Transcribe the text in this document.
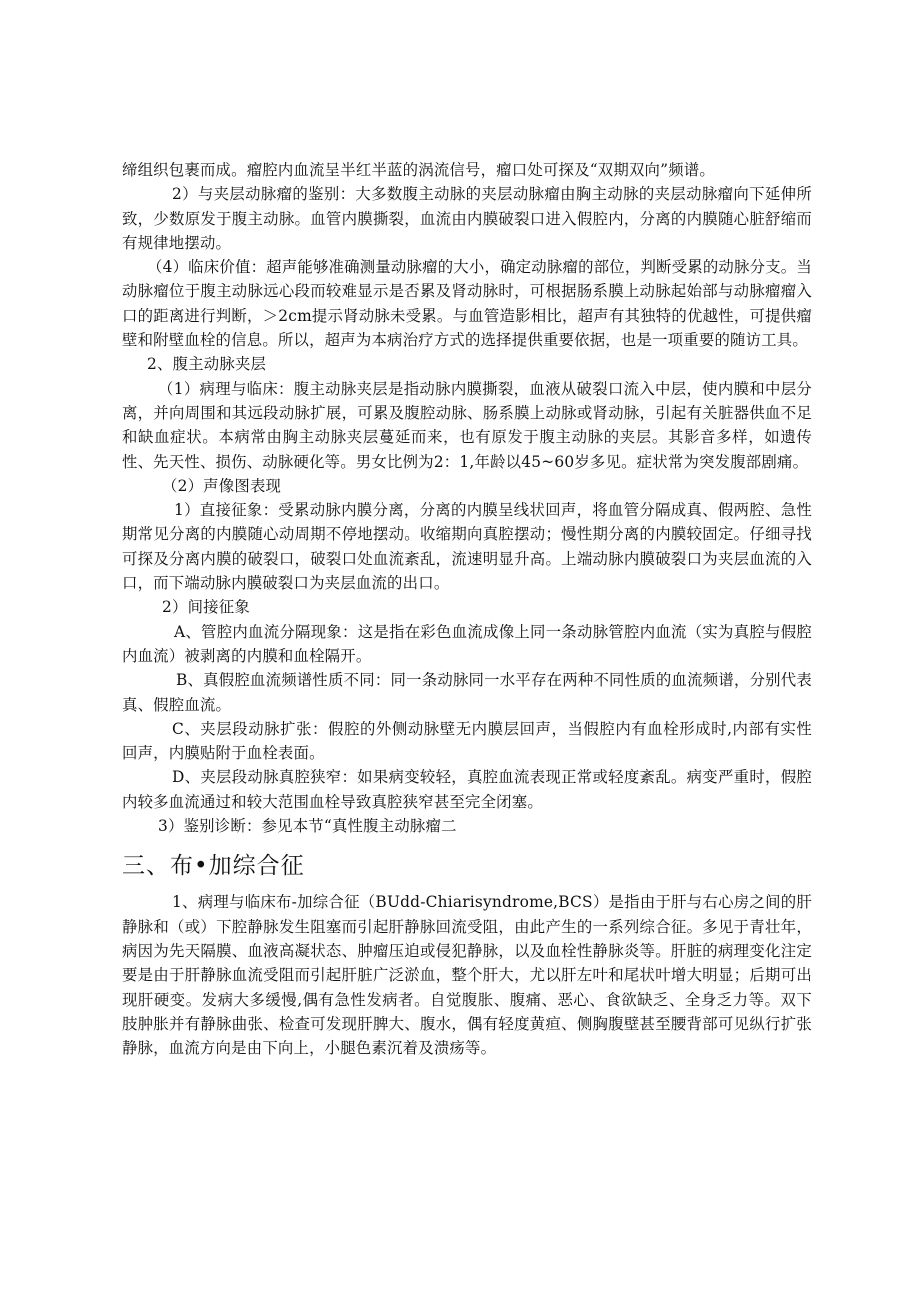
缔组织包裹而成。瘤腔内血流呈半红半蓝的涡流信号，瘤口处可探及“双期双向”频谱。

2）与夹层动脉瘤的鉴别：大多数腹主动脉的夹层动脉瘤由胸主动脉的夹层动脉瘤向下延伸所致，少数原发于腹主动脉。血管内膜撕裂，血流由内膜破裂口进入假腔内，分离的内膜随心脏舒缩而有规律地摆动。

（4）临床价值：超声能够准确测量动脉瘤的大小，确定动脉瘤的部位，判断受累的动脉分支。当动脉瘤位于腹主动脉远心段而较难显示是否累及肾动脉时，可根据肠系膜上动脉起始部与动脉瘤瘤入口的距离进行判断，＞2cm提示肾动脉未受累。与血管造影相比，超声有其独特的优越性，可提供瘤壁和附壁血栓的信息。所以，超声为本病治疗方式的选择提供重要依据，也是一项重要的随访工具。

2、腹主动脉夹层

（1）病理与临床：腹主动脉夹层是指动脉内膜撕裂，血液从破裂口流入中层，使内膜和中层分离，并向周围和其远段动脉扩展，可累及腹腔动脉、肠系膜上动脉或肾动脉，引起有关脏器供血不足和缺血症状。本病常由胸主动脉夹层蔓延而来，也有原发于腹主动脉的夹层。其影音多样，如遗传性、先天性、损伤、动脉硬化等。男女比例为2：1,年龄以45~60岁多见。症状常为突发腹部剧痛。

（2）声像图表现

1）直接征象：受累动脉内膜分离，分离的内膜呈线状回声，将血管分隔成真、假两腔、急性期常见分离的内膜随心动周期不停地摆动。收缩期向真腔摆动；慢性期分离的内膜较固定。仔细寻找可探及分离内膜的破裂口，破裂口处血流紊乱，流速明显升高。上端动脉内膜破裂口为夹层血流的入口，而下端动脉内膜破裂口为夹层血流的出口。

2）间接征象

A、管腔内血流分隔现象：这是指在彩色血流成像上同一条动脉管腔内血流（实为真腔与假腔内血流）被剥离的内膜和血栓隔开。

B、真假腔血流频谱性质不同：同一条动脉同一水平存在两种不同性质的血流频谱，分别代表真、假腔血流。

C、夹层段动脉扩张：假腔的外侧动脉壁无内膜层回声，当假腔内有血栓形成时,内部有实性回声，内膜贴附于血栓表面。

D、夹层段动脉真腔狭窄：如果病变较轻，真腔血流表现正常或轻度紊乱。病变严重时，假腔内较多血流通过和较大范围血栓导致真腔狭窄甚至完全闭塞。

3）鉴别诊断：参见本节“真性腹主动脉瘤二

三、布•加综合征

1、病理与临床布-加综合征（BUdd-Chiarisyndrome,BCS）是指由于肝与右心房之间的肝静脉和（或）下腔静脉发生阻塞而引起肝静脉回流受阻，由此产生的一系列综合征。多见于青壮年，病因为先天隔膜、血液高凝状态、肿瘤压迫或侵犯静脉，以及血栓性静脉炎等。肝脏的病理变化注定要是由于肝静脉血流受阻而引起肝脏广泛淤血，整个肝大，尤以肝左叶和尾状叶增大明显；后期可出现肝硬变。发病大多缓慢,偶有急性发病者。自觉腹胀、腹痛、恶心、食欲缺乏、全身乏力等。双下肢肿胀并有静脉曲张、检查可发现肝脾大、腹水，偶有轻度黄疸、侧胸腹壁甚至腰背部可见纵行扩张静脉，血流方向是由下向上，小腿色素沉着及溃疡等。
